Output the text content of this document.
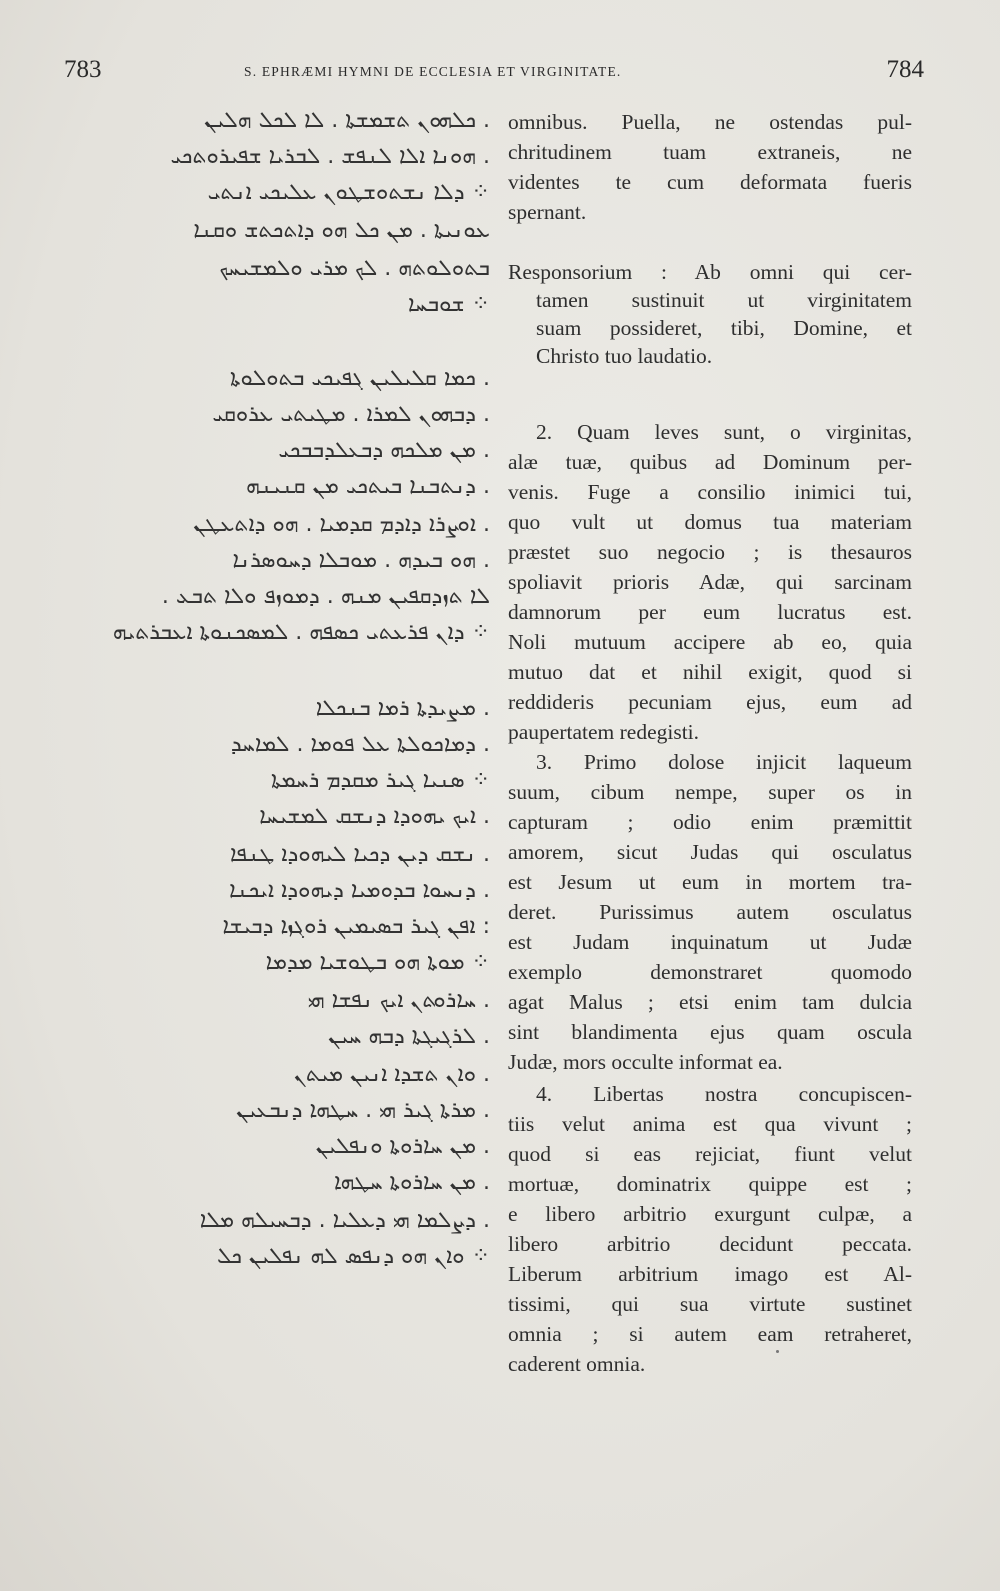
783	S. EPHRÆMI HYMNI DE ECCLESIA ET VIRGINITATE.	784
. ܟܠܗܘܢ ܬܫܡܫܬܐ . ܠܐ ܠܟܠ ܗܠܝܢ
. ܗܘܢܐ ܐܠܐ ܠܢܦܫ . ܠܒܪܝܐ ܫܦܝܪܘܬܟܝ
⁘ ܕܠܐ ܢܫܬܘܫܛܘܢ ܥܠܝܟܝ ܐܢܬܝ
ܥܘܢܝܬܐ . ܡܢ ܟܠ ܗܘ ܕܐܬܟܬܫ ܘܩܢܐ
ܒܬܘܠܘܬܗ . ܠܟ ܡܪܝ ܘܠܡܫܝܚܟ
⁘ ܫܘܒܚܐ
. ܟܡܐ ܩܠܝܠܝܢ ܓܦܝܟܝ ܒܬܘܠܘܬܐ
. ܕܒܗܘܢ ܠܡܪܐ . ܡܛܝܬܝ ܥܪܘܩܝ
. ܡܢ ܡܠܟܗ ܕܒܥܠܕܒܒܟܝ
. ܕܢܬܒܢܐ ܒܝܬܟܝ ܡܢ ܩܢܝܢܗ
. ܐܘܨܪܐ ܕܐܕܡ ܩܕܡܝܐ . ܗܘ ܕܐܬܥܛܢ
. ܗܘ ܒܝܕܗ . ܡܘܒܠܐ ܕܚܘܣܪܢܐ
ܠܐ ܬܙܕܩܦܝܢ ܡܢܗ . ܕܡܘܙܦ ܘܠܐ ܬܒܥ .
⁘ ܕܐܢ ܦܪܥܬܝ ܟܣܦܗ . ܠܡܣܟܢܘܬܐ ܐܥܒܪܬܝܗ
. ܡܨܝܕܬܐ ܪܡܐ ܒܢܟܠܐ
. ܕܡܐܟܘܠܬܐ ܥܠ ܦܘܡܐ . ܠܡܐܚܕ
⁘ ܣܢܝܐ ܓܝܪ ܡܩܕܡ ܪܚܡܬܐ
. ܐܝܟ ܝܗܘܕܐ ܕܢܫܩ ܠܡܫܝܚܐ
. ܢܫܩ ܕܝܢ ܕܟܝܐ ܠܝܗܘܕܐ ܛܢܦܐ
. ܕܢܚܘܐ ܒܕܘܡܝܐ ܕܝܗܘܕܐ ܐܝܟܢܐ
: ܐܦܢ ܓܝܪ ܒܣܝܡܝܢ ܪܘܓܙܐ ܕܒܝܫܐ
⁘ ܡܘܬܐ ܗܘ ܒܛܘܫܝܐ ܡܕܡܐ
. ܚܐܪܘܬܢ ܐܝܟ ܢܦܫܐ ܗܝ
. ܠܪܓܝܓܬܐ ܕܒܗ ܚܝܢ
. ܘܐܢ ܬܫܕܐ ܐܢܝܢ ܡܝܬܢ
. ܡܪܬܐ ܓܝܪ ܗܝ . ܚܛܗܐ ܕܢܒܥܝܢ
. ܡܢ ܚܐܪܘܬܐ ܘܢܦܠܝܢ
. ܡܢ ܚܐܪܘܬܐ ܚܛܗܐ
. ܕܨܠܡܐ ܗܝ ܕܥܠܝܐ . ܕܒܚܝܠܗ ܡܠܐ
⁘ ܘܐܢ ܗܘ ܕܢܦܣ ܠܗ ܢܦܠܝܢ ܟܠ
omnibus. Puella, ne ostendas pul-
chritudinem tuam extraneis, ne
videntes te cum deformata fueris
spernant.
Responsorium : Ab omni qui cer-
tamen sustinuit ut virginitatem
suam possideret, tibi, Domine, et
Christo tuo laudatio.
2. Quam leves sunt, o virginitas,
alæ tuæ, quibus ad Dominum per-
venis. Fuge a consilio inimici tui,
quo vult ut domus tua materiam
præstet suo negocio ; is thesauros
spoliavit prioris Adæ, qui sarcinam
damnorum per eum lucratus est.
Noli mutuum accipere ab eo, quia
mutuo dat et nihil exigit, quod si
reddideris pecuniam ejus, eum ad
paupertatem redegisti.
3. Primo dolose injicit laqueum
suum, cibum nempe, super os in
capturam ; odio enim præmittit
amorem, sicut Judas qui osculatus
est Jesum ut eum in mortem tra-
deret. Purissimus autem osculatus
est Judam inquinatum ut Judæ
exemplo demonstraret quomodo
agat Malus ; etsi enim tam dulcia
sint blandimenta ejus quam oscula
Judæ, mors occulte informat ea.
4. Libertas nostra concupiscen-
tiis velut anima est qua vivunt ;
quod si eas rejiciat, fiunt velut
mortuæ, dominatrix quippe est ;
e libero arbitrio exurgunt culpæ, a
libero arbitrio decidunt peccata.
Liberum arbitrium imago est Al-
tissimi, qui sua virtute sustinet
omnia ; si autem eam retraheret,
caderent omnia.
